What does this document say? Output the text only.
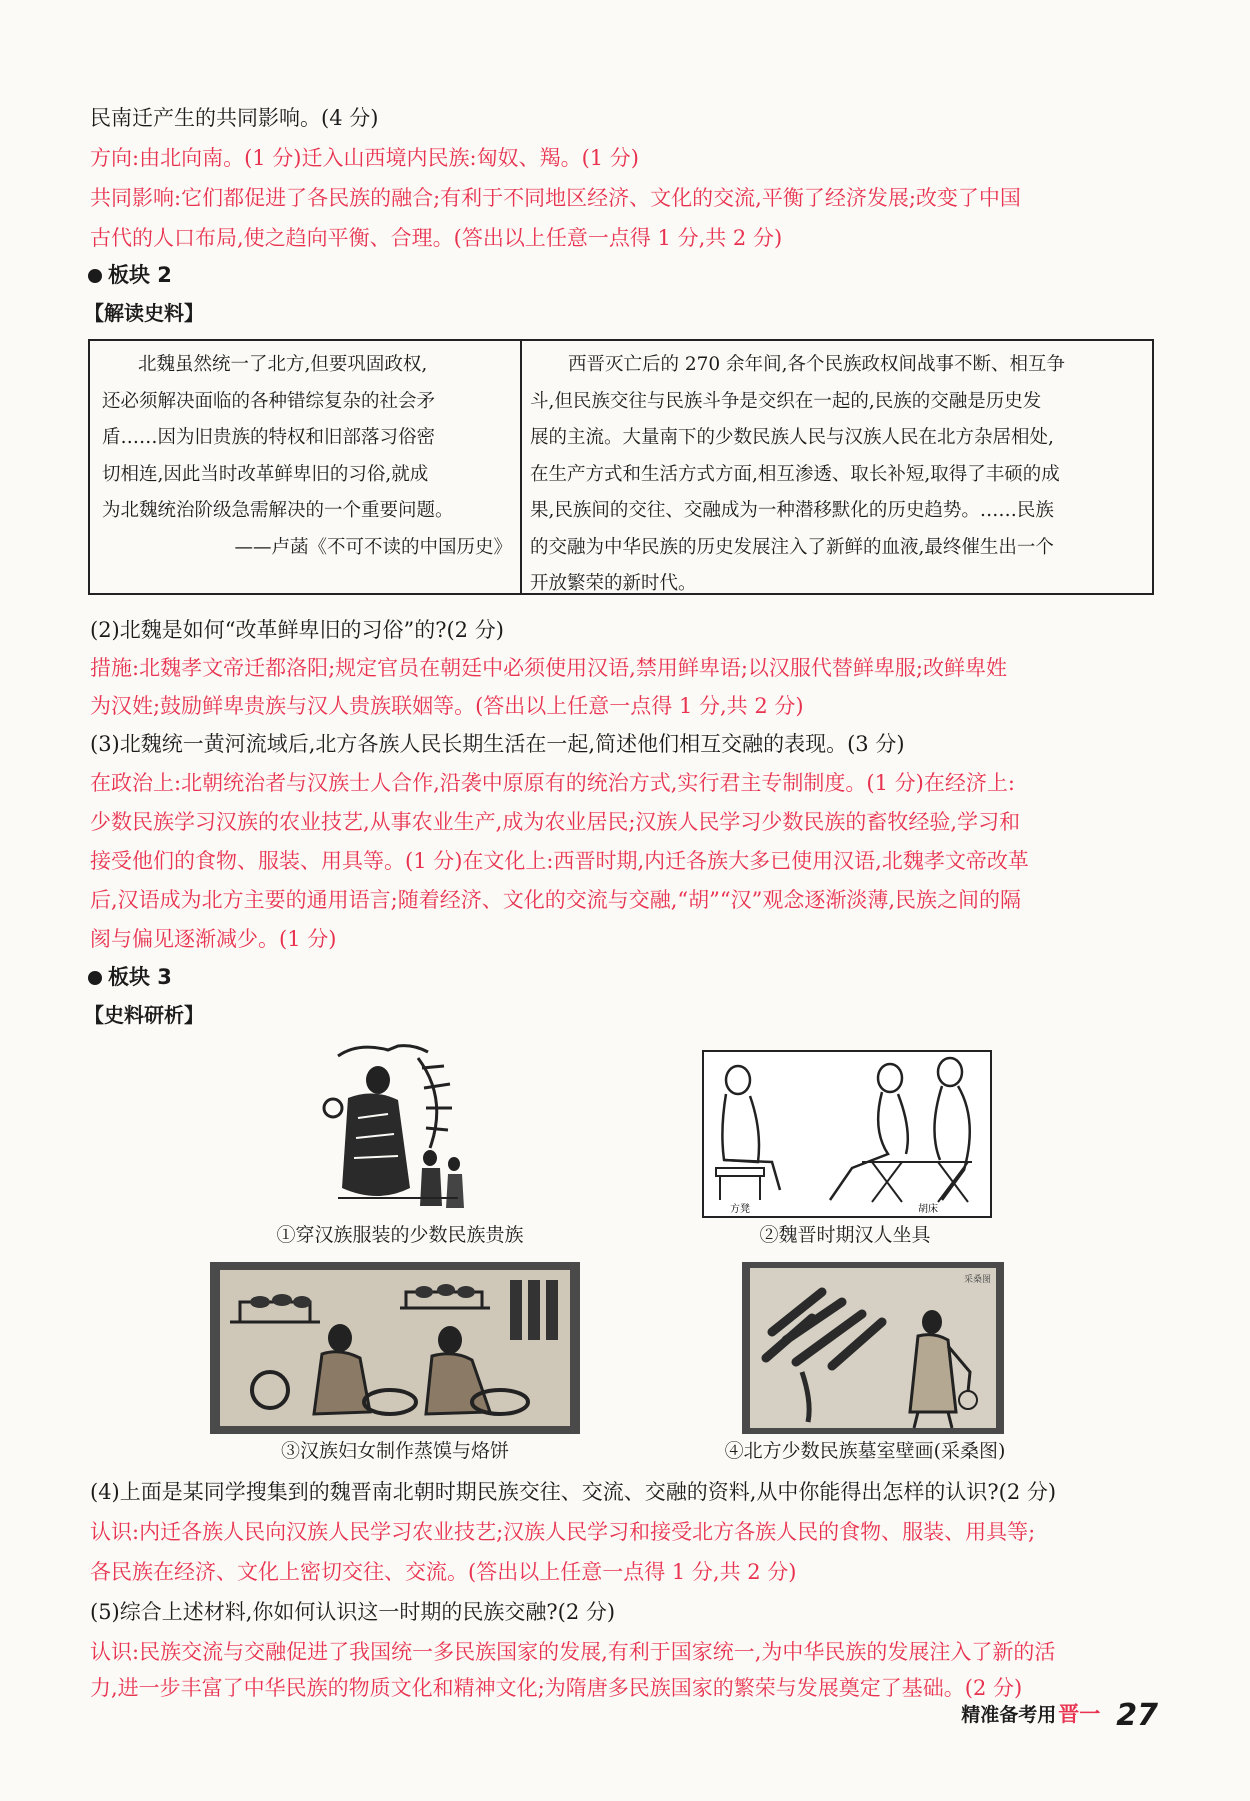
民南迁产生的共同影响。(4 分)
方向:由北向南。(1 分)迁入山西境内民族:匈奴、羯。(1 分)
共同影响:它们都促进了各民族的融合;有利于不同地区经济、文化的交流,平衡了经济发展;改变了中国
古代的人口布局,使之趋向平衡、合理。(答出以上任意一点得 1 分,共 2 分)
板块 2
【解读史料】

北魏虽然统一了北方,但要巩固政权,

还必须解决面临的各种错综复杂的社会矛

盾……因为旧贵族的特权和旧部落习俗密

切相连,因此当时改革鲜卑旧的习俗,就成

为北魏统治阶级急需解决的一个重要问题。

——卢菡《不可不读的中国历史》

西晋灭亡后的 270 余年间,各个民族政权间战事不断、相互争

斗,但民族交往与民族斗争是交织在一起的,民族的交融是历史发

展的主流。大量南下的少数民族人民与汉族人民在北方杂居相处,

在生产方式和生活方式方面,相互渗透、取长补短,取得了丰硕的成

果,民族间的交往、交融成为一种潜移默化的历史趋势。……民族

的交融为中华民族的历史发展注入了新鲜的血液,最终催生出一个

开放繁荣的新时代。

(2)北魏是如何“改革鲜卑旧的习俗”的?(2 分)
措施:北魏孝文帝迁都洛阳;规定官员在朝廷中必须使用汉语,禁用鲜卑语;以汉服代替鲜卑服;改鲜卑姓
为汉姓;鼓励鲜卑贵族与汉人贵族联姻等。(答出以上任意一点得 1 分,共 2 分)
(3)北魏统一黄河流域后,北方各族人民长期生活在一起,简述他们相互交融的表现。(3 分)
在政治上:北朝统治者与汉族士人合作,沿袭中原原有的统治方式,实行君主专制制度。(1 分)在经济上:
少数民族学习汉族的农业技艺,从事农业生产,成为农业居民;汉族人民学习少数民族的畜牧经验,学习和
接受他们的食物、服装、用具等。(1 分)在文化上:西晋时期,内迁各族大多已使用汉语,北魏孝文帝改革
后,汉语成为北方主要的通用语言;随着经济、文化的交流与交融,“胡”“汉”观念逐渐淡薄,民族之间的隔
阂与偏见逐渐减少。(1 分)
板块 3
【史料研析】
①穿汉族服装的少数民族贵族
方凳	胡床
②魏晋时期汉人坐具
③汉族妇女制作蒸馍与烙饼
采桑图
④北方少数民族墓室壁画(采桑图)
(4)上面是某同学搜集到的魏晋南北朝时期民族交往、交流、交融的资料,从中你能得出怎样的认识?(2 分)
认识:内迁各族人民向汉族人民学习农业技艺;汉族人民学习和接受北方各族人民的食物、服装、用具等;
各民族在经济、文化上密切交往、交流。(答出以上任意一点得 1 分,共 2 分)
(5)综合上述材料,你如何认识这一时期的民族交融?(2 分)
认识:民族交流与交融促进了我国统一多民族国家的发展,有利于国家统一,为中华民族的发展注入了新的活
力,进一步丰富了中华民族的物质文化和精神文化;为隋唐多民族国家的繁荣与发展奠定了基础。(2 分)
精准备考用晋一 27
